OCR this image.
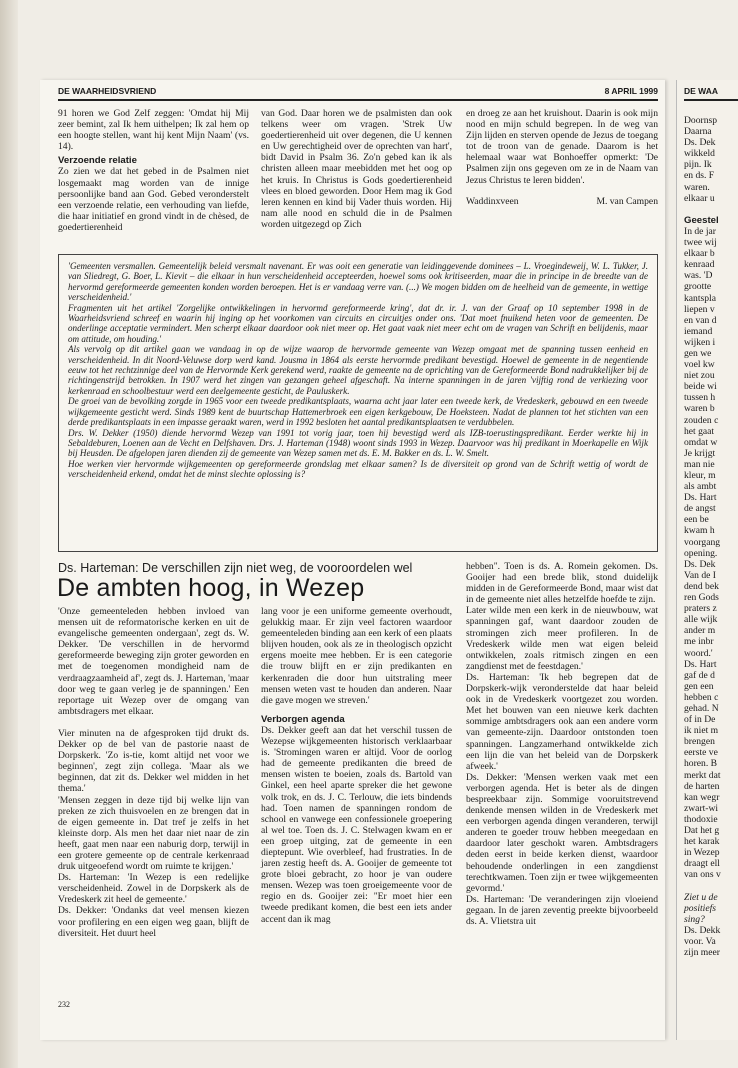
DE WAARHEIDSVRIEND	8 APRIL 1999

91 horen we God Zelf zeggen: 'Omdat hij Mij zeer bemint, zal Ik hem uithelpen; Ik zal hem op een hoogte stellen, want hij kent Mijn Naam' (vs. 14).

Verzoende relatie

Zo zien we dat het gebed in de Psalmen niet losgemaakt mag worden van de innige persoonlijke band aan God. Gebed veronderstelt een verzoende relatie, een verhouding van liefde, die haar initiatief en grond vindt in de chèsed, de goedertierenheid

van God. Daar horen we de psalmisten dan ook telkens weer om vragen. 'Strek Uw goedertierenheid uit over degenen, die U kennen en Uw gerechtigheid over de oprechten van hart', bidt David in Psalm 36. Zo'n gebed kan ik als christen alleen maar meebidden met het oog op het kruis. In Christus is Gods goedertierenheid vlees en bloed geworden. Door Hem mag ik God leren kennen en kind bij Vader thuis worden. Hij nam alle nood en schuld die in de Psalmen worden uitgezegd op Zich

en droeg ze aan het kruishout. Daarin is ook mijn nood en mijn schuld begrepen. In de weg van Zijn lijden en sterven opende de Jezus de toegang tot de troon van de genade. Daarom is het helemaal waar wat Bonhoeffer opmerkt: 'De Psalmen zijn ons gegeven om ze in de Naam van Jezus Christus te leren bidden'.

Waddinxveen	M. van Campen

'Gemeenten versmallen. Gemeentelijk beleid versmalt navenant. Er was ooit een generatie van leidinggevende dominees – L. Vroegindeweij, W. L. Tukker, J. van Sliedregt, G. Boer, L. Kievit – die elkaar in hun verscheidenheid accepteerden, hoewel soms ook kritiseerden, maar die in principe in de breedte van de hervormd gereformeerde gemeenten konden worden beroepen. Het is er vandaag verre van. (...) We mogen bidden om de heelheid van de gemeente, in wettige verscheidenheid.'

Fragmenten uit het artikel 'Zorgelijke ontwikkelingen in hervormd gereformeerde kring', dat dr. ir. J. van der Graaf op 10 september 1998 in de Waarheidsvriend schreef en waarin hij inging op het voorkomen van circuits en circuitjes onder ons. 'Dat moet fnuikend heten voor de gemeenten. De onderlinge acceptatie vermindert. Men scherpt elkaar daardoor ook niet meer op. Het gaat vaak niet meer echt om de vragen van Schrift en belijdenis, maar om attitude, om houding.'

Als vervolg op dit artikel gaan we vandaag in op de wijze waarop de hervormde gemeente van Wezep omgaat met de spanning tussen eenheid en verscheidenheid. In dit Noord-Veluwse dorp werd kand. Jousma in 1864 als eerste hervormde predikant bevestigd. Hoewel de gemeente in de negentiende eeuw tot het rechtzinnige deel van de Hervormde Kerk gerekend werd, raakte de gemeente na de oprichting van de Gereformeerde Bond nadrukkelijker bij de richtingenstrijd betrokken. In 1907 werd het zingen van gezangen geheel afgeschaft. Na interne spanningen in de jaren 'vijftig rond de verkiezing voor kerkenraad en schoolbestuur werd een deelgemeente gesticht, de Pauluskerk.

De groei van de bevolking zorgde in 1965 voor een tweede predikantsplaats, waarna acht jaar later een tweede kerk, de Vredeskerk, gebouwd en een tweede wijkgemeente gesticht werd. Sinds 1989 kent de buurtschap Hattemerbroek een eigen kerkgebouw, De Hoeksteen. Nadat de plannen tot het stichten van een derde predikantsplaats in een impasse geraakt waren, werd in 1992 besloten het aantal predikantsplaatsen te verdubbelen.

Drs. W. Dekker (1950) diende hervormd Wezep van 1991 tot vorig jaar, toen hij bevestigd werd als IZB-toerustingspredikant. Eerder werkte hij in Sebaldeburen, Loenen aan de Vecht en Delfshaven. Drs. J. Harteman (1948) woont sinds 1993 in Wezep. Daarvoor was hij predikant in Moerkapelle en Wijk bij Heusden. De afgelopen jaren dienden zij de gemeente van Wezep samen met ds. E. M. Bakker en ds. L. W. Smelt.

Hoe werken vier hervormde wijkgemeenten op gereformeerde grondslag met elkaar samen? Is de diversiteit op grond van de Schrift wettig of wordt de verscheidenheid erkend, omdat het de minst slechte oplossing is?

Ds. Harteman: De verschillen zijn niet weg, de vooroordelen wel
De ambten hoog, in Wezep

'Onze gemeenteleden hebben invloed van mensen uit de reformatorische kerken en uit de evangelische gemeenten ondergaan', zegt ds. W. Dekker. 'De verschillen in de hervormd gereformeerde beweging zijn groter geworden en met de toegenomen mondigheid nam de verdraagzaamheid af', zegt ds. J. Harteman, 'maar door weg te gaan verleg je de spanningen.' Een reportage uit Wezep over de omgang van ambtsdragers met elkaar.

Vier minuten na de afgesproken tijd drukt ds. Dekker op de bel van de pastorie naast de Dorpskerk. 'Zo is-tie, komt altijd net voor we beginnen', zegt zijn collega. 'Maar als we beginnen, dat zit ds. Dekker wel midden in het thema.'

'Mensen zeggen in deze tijd bij welke lijn van preken ze zich thuisvoelen en ze brengen dat in de eigen gemeente in. Dat tref je zelfs in het kleinste dorp. Als men het daar niet naar de zin heeft, gaat men naar een naburig dorp, terwijl in een grotere gemeente op de centrale kerkenraad druk uitgeoefend wordt om ruimte te krijgen.'

Ds. Harteman: 'In Wezep is een redelijke verscheidenheid. Zowel in de Dorpskerk als de Vredeskerk zit heel de gemeente.'

Ds. Dekker: 'Ondanks dat veel mensen kiezen voor profilering en een eigen weg gaan, blijft de diversiteit. Het duurt heel

lang voor je een uniforme gemeente overhoudt, gelukkig maar. Er zijn veel factoren waardoor gemeenteleden binding aan een kerk of een plaats blijven houden, ook als ze in theologisch opzicht ergens moeite mee hebben. Er is een categorie die trouw blijft en er zijn predikanten en kerkenraden die door hun uitstraling meer mensen weten vast te houden dan anderen. Naar die gave mogen we streven.'

Verborgen agenda

Ds. Dekker geeft aan dat het verschil tussen de Wezepse wijkgemeenten historisch verklaarbaar is. 'Stromingen waren er altijd. Voor de oorlog had de gemeente predikanten die breed de mensen wisten te boeien, zoals ds. Bartold van Ginkel, een heel aparte spreker die het gewone volk trok, en ds. J. C. Terlouw, die iets bindends had. Toen namen de spanningen rondom de school en vanwege een confessionele groepering al wel toe. Toen ds. J. C. Stelwagen kwam en er een groep uitging, zat de gemeente in een dieptepunt. Wie overbleef, had frustraties. In de jaren zestig heeft ds. A. Gooijer de gemeente tot grote bloei gebracht, zo hoor je van oudere mensen. Wezep was toen groeigemeente voor de regio en ds. Gooijer zei: "Er moet hier een tweede predikant komen, die best een iets ander accent dan ik mag

hebben". Toen is ds. A. Romein gekomen. Ds. Gooijer had een brede blik, stond duidelijk midden in de Gereformeerde Bond, maar wist dat in de gemeente niet alles hetzelfde hoefde te zijn.

Later wilde men een kerk in de nieuwbouw, wat spanningen gaf, want daardoor zouden de stromingen zich meer profileren. In de Vredeskerk wilde men wat eigen beleid ontwikkelen, zoals ritmisch zingen en een zangdienst met de feestdagen.'

Ds. Harteman: 'Ik heb begrepen dat de Dorpskerk-wijk veronderstelde dat haar beleid ook in de Vredeskerk voortgezet zou worden. Met het bouwen van een nieuwe kerk dachten sommige ambtsdragers ook aan een andere vorm van gemeente-zijn. Daardoor ontstonden toen spanningen. Langzamerhand ontwikkelde zich een lijn die van het beleid van de Dorpskerk afweek.'

Ds. Dekker: 'Mensen werken vaak met een verborgen agenda. Het is beter als de dingen bespreekbaar zijn. Sommige vooruitstrevend denkende mensen wilden in de Vredeskerk met een verborgen agenda dingen veranderen, terwijl anderen te goeder trouw hebben meegedaan en daardoor later geschokt waren. Ambtsdragers deden eerst in beide kerken dienst, waardoor behoudende onderlingen in een zangdienst terechtkwamen. Toen zijn er twee wijkgemeenten gevormd.'

Ds. Harteman: 'De veranderingen zijn vloeiend gegaan. In de jaren zeventig preekte bijvoorbeeld ds. A. Vlietstra uit

232
DE WAA
Doornsp
Daarna
Ds. Dek
wikkeld
pijn. Ik
en ds. F
waren.
elkaar u
Geestel
In de jar
twee wij
elkaar b
kenraad
was. 'D
grootte
kantspla
liepen v
en van d
iemand
wijken i
gen we
voel kw
niet zou
beide wi
tussen h
waren b
zouden c
het gaat
omdat w
Je krijgt
man nie
kleur, m
als ambt
Ds. Hart
de angst
een be
kwam h
voorgang
opening.
Ds. Dek
Van de I
dend bek
ren Gods
praters z
alle wijk
ander m
me inbr
woord.'
Ds. Hart
gaf de d
gen een
hebben c
gehad. N
of in De
ik niet m
brengen
eerste ve
horen. B
merkt dat
de harten
kan wegr
zwart-wi
thodoxie
Dat het g
het karak
in Wezep
draagt ell
van ons v
Ziet u de
positiefs
sing?
Ds. Dekk
voor. Va
zijn meer
